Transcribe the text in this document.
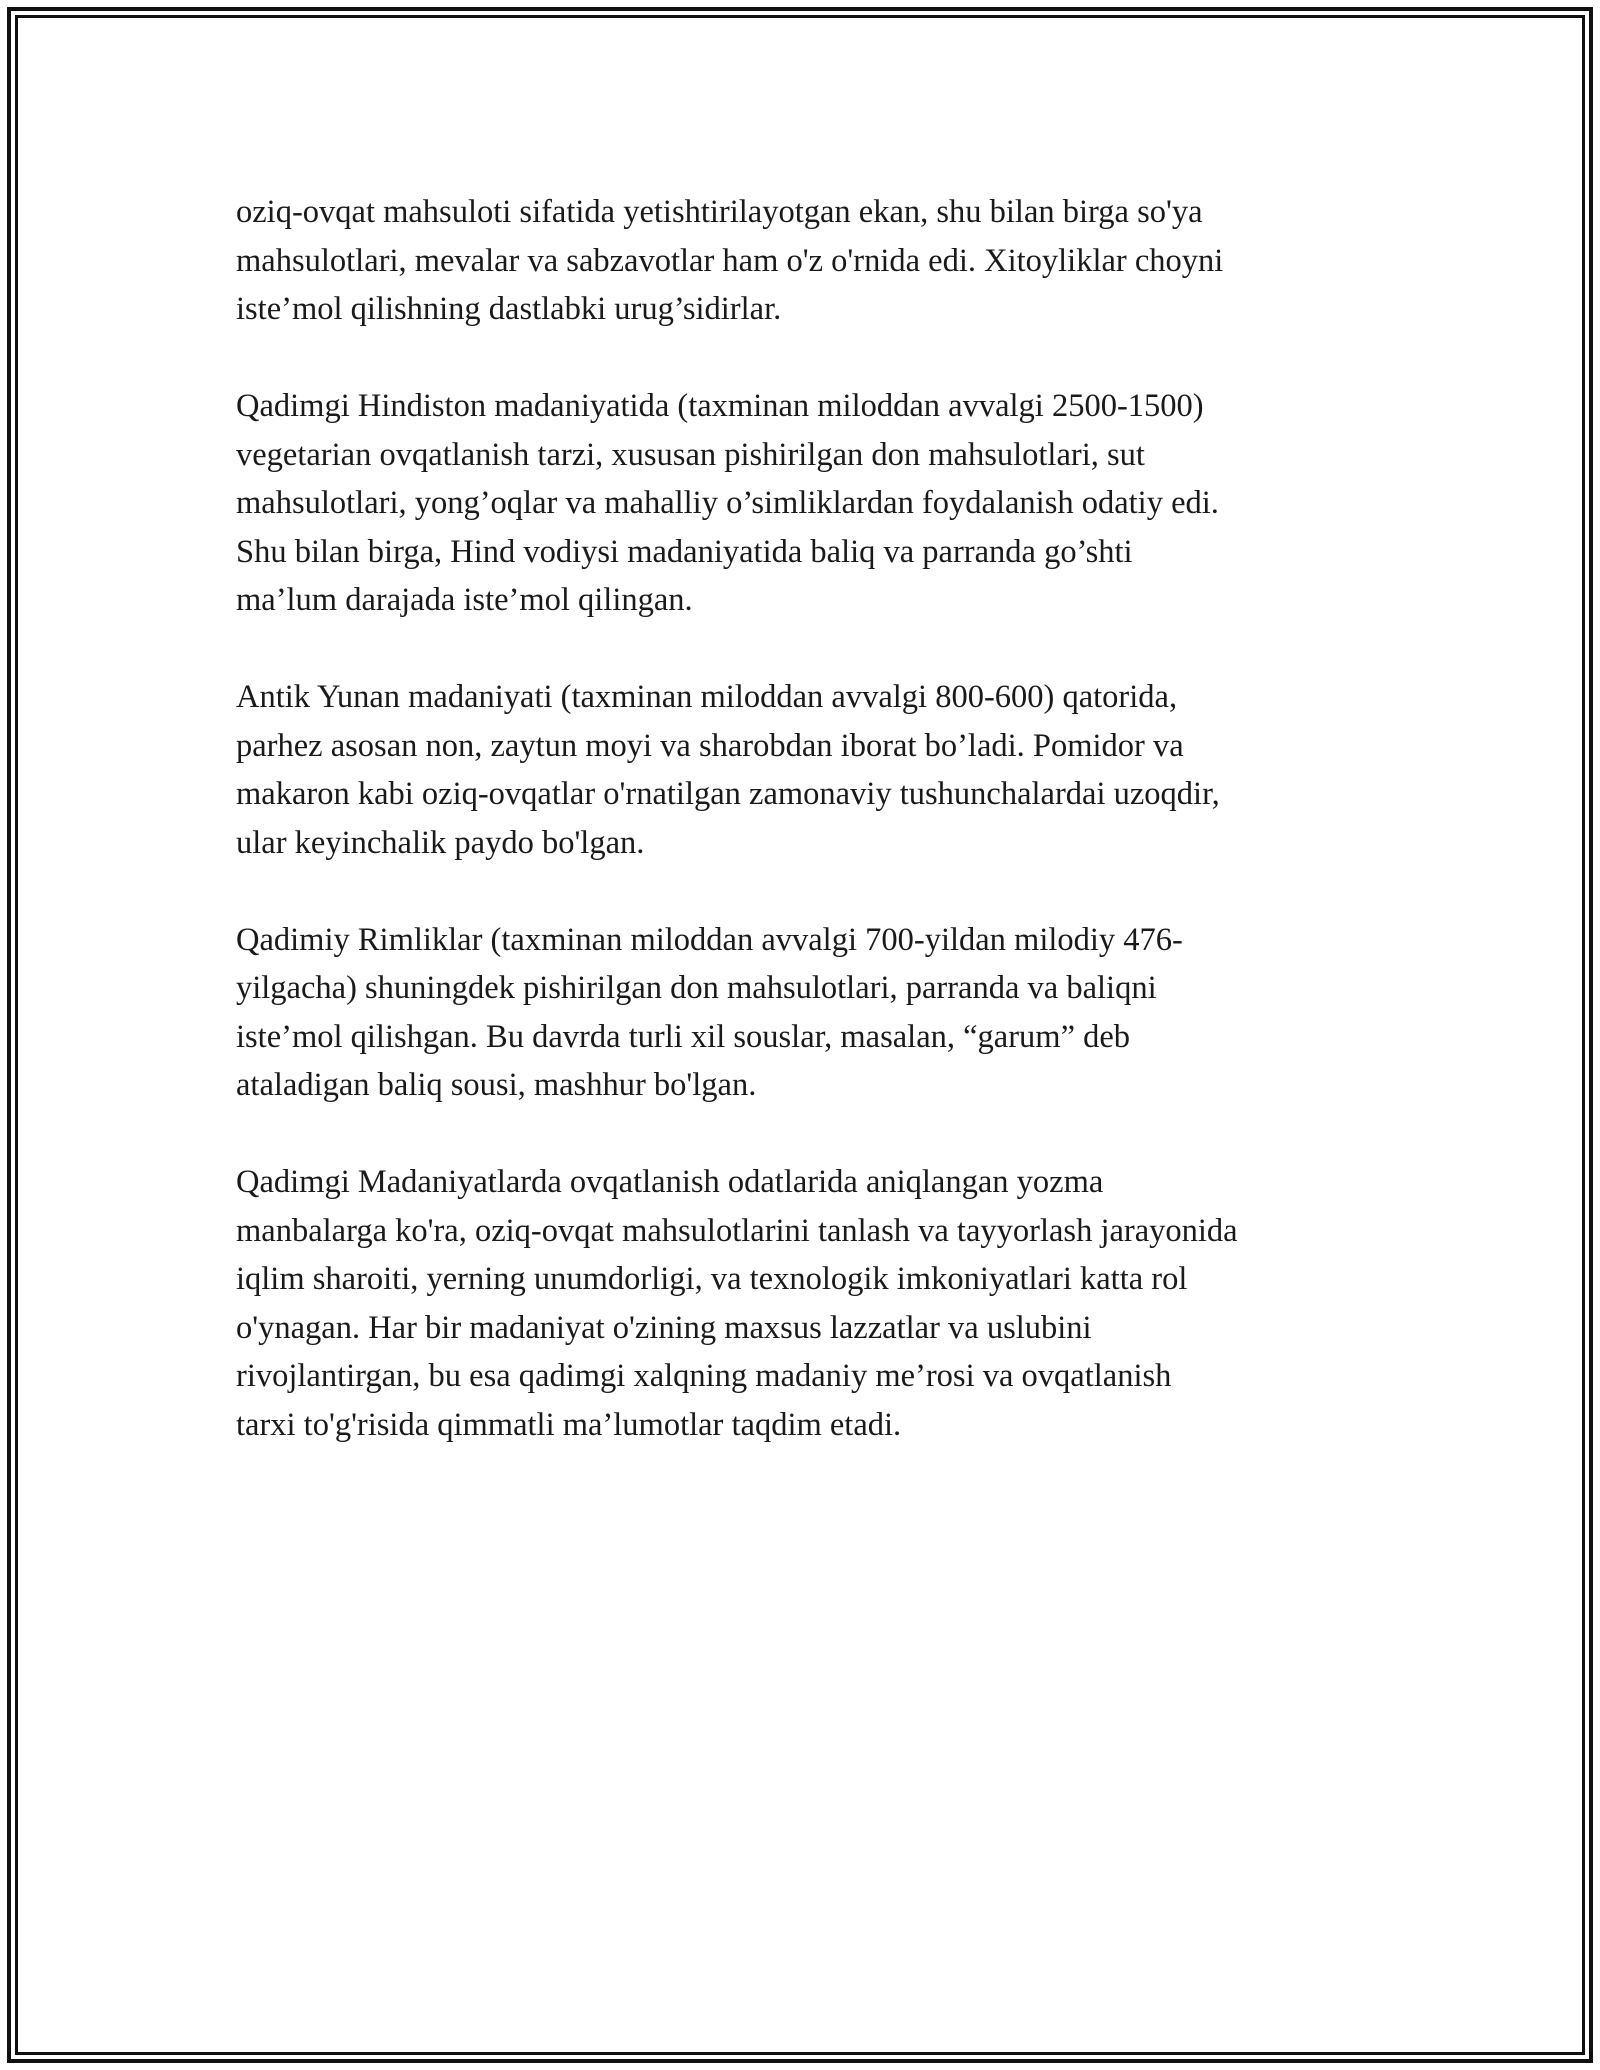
oziq-ovqat mahsuloti sifatida yetishtirilayotgan ekan, shu bilan birga so'ya
mahsulotlari, mevalar va sabzavotlar ham o'z o'rnida edi. Xitoyliklar choyni
iste’mol qilishning dastlabki urug’sidirlar.

Qadimgi Hindiston madaniyatida (taxminan miloddan avvalgi 2500-1500)
vegetarian ovqatlanish tarzi, xususan pishirilgan don mahsulotlari, sut
mahsulotlari, yong’oqlar va mahalliy o’simliklardan foydalanish odatiy edi.
Shu bilan birga, Hind vodiysi madaniyatida baliq va parranda go’shti
ma’lum darajada iste’mol qilingan.

Antik Yunan madaniyati (taxminan miloddan avvalgi 800-600) qatorida,
parhez asosan non, zaytun moyi va sharobdan iborat bo’ladi. Pomidor va
makaron kabi oziq-ovqatlar o'rnatilgan zamonaviy tushunchalardai uzoqdir,
ular keyinchalik paydo bo'lgan.

Qadimiy Rimliklar (taxminan miloddan avvalgi 700-yildan milodiy 476-
yilgacha) shuningdek pishirilgan don mahsulotlari, parranda va baliqni
iste’mol qilishgan. Bu davrda turli xil souslar, masalan, “garum” deb
ataladigan baliq sousi, mashhur bo'lgan.

Qadimgi Madaniyatlarda ovqatlanish odatlarida aniqlangan yozma
manbalarga ko'ra, oziq-ovqat mahsulotlarini tanlash va tayyorlash jarayonida
iqlim sharoiti, yerning unumdorligi, va texnologik imkoniyatlari katta rol
o'ynagan. Har bir madaniyat o'zining maxsus lazzatlar va uslubini
rivojlantirgan, bu esa qadimgi xalqning madaniy me’rosi va ovqatlanish
tarxi to'g'risida qimmatli ma’lumotlar taqdim etadi.
